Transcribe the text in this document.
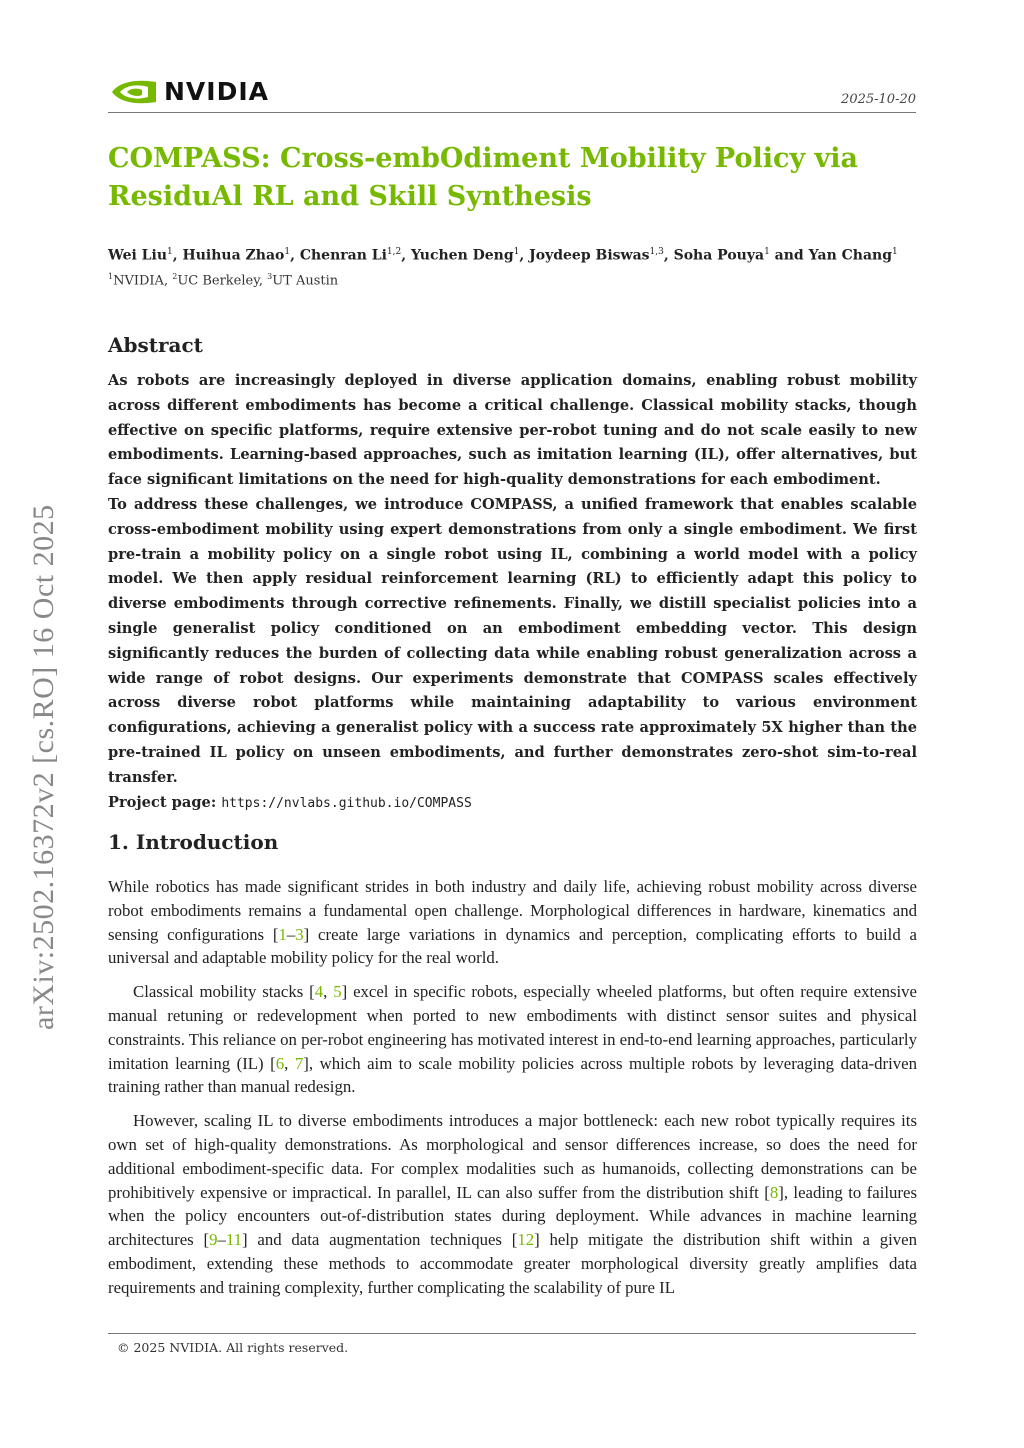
NVIDIA	2025-10-20
COMPASS: Cross-embOdiment Mobility Policy via ResiduAl RL and Skill Synthesis
Wei Liu$^1$, Huihua Zhao$^1$, Chenran Li$^{1,2}$, Yuchen Deng$^1$, Joydeep Biswas$^{1,3}$, Soha Pouya$^1$ and Yan Chang$^1$
$^1$NVIDIA, $^2$UC Berkeley, $^3$UT Austin
arXiv:2502.16372v2 [cs.RO] 16 Oct 2025
Abstract

As robots are increasingly deployed in diverse application domains, enabling robust mobility across different embodiments has become a critical challenge. Classical mobility stacks, though effective on specific platforms, require extensive per-robot tuning and do not scale easily to new embodiments. Learning-based approaches, such as imitation learning (IL), offer alternatives, but face significant limitations on the need for high-quality demonstrations for each embodiment.

To address these challenges, we introduce COMPASS, a unified framework that enables scalable cross-embodiment mobility using expert demonstrations from only a single embodiment. We first pre-train a mobility policy on a single robot using IL, combining a world model with a policy model. We then apply residual reinforcement learning (RL) to efficiently adapt this policy to diverse embodiments through corrective refinements. Finally, we distill specialist policies into a single generalist policy conditioned on an embodiment embedding vector. This design significantly reduces the burden of collecting data while enabling robust generalization across a wide range of robot designs. Our experiments demonstrate that COMPASS scales effectively across diverse robot platforms while maintaining adaptability to various environment configurations, achieving a generalist policy with a success rate approximately 5X higher than the pre-trained IL policy on unseen embodiments, and further demonstrates zero-shot sim-to-real transfer.

Project page: https://nvlabs.github.io/COMPASS

1. Introduction

While robotics has made significant strides in both industry and daily life, achieving robust mobility across diverse robot embodiments remains a fundamental open challenge. Morphological differences in hardware, kinematics and sensing configurations [1–3] create large variations in dynamics and perception, complicating efforts to build a universal and adaptable mobility policy for the real world.

Classical mobility stacks [4, 5] excel in specific robots, especially wheeled platforms, but often require extensive manual retuning or redevelopment when ported to new embodiments with distinct sensor suites and physical constraints. This reliance on per-robot engineering has motivated interest in end-to-end learning approaches, particularly imitation learning (IL) [6, 7], which aim to scale mobility policies across multiple robots by leveraging data-driven training rather than manual redesign.

However, scaling IL to diverse embodiments introduces a major bottleneck: each new robot typically requires its own set of high-quality demonstrations. As morphological and sensor differences increase, so does the need for additional embodiment-specific data. For complex modalities such as humanoids, collecting demonstrations can be prohibitively expensive or impractical. In parallel, IL can also suffer from the distribution shift [8], leading to failures when the policy encounters out-of-distribution states during deployment. While advances in machine learning architectures [9–11] and data augmentation techniques [12] help mitigate the distribution shift within a given embodiment, extending these methods to accommodate greater morphological diversity greatly amplifies data requirements and training complexity, further complicating the scalability of pure IL

© 2025 NVIDIA. All rights reserved.
